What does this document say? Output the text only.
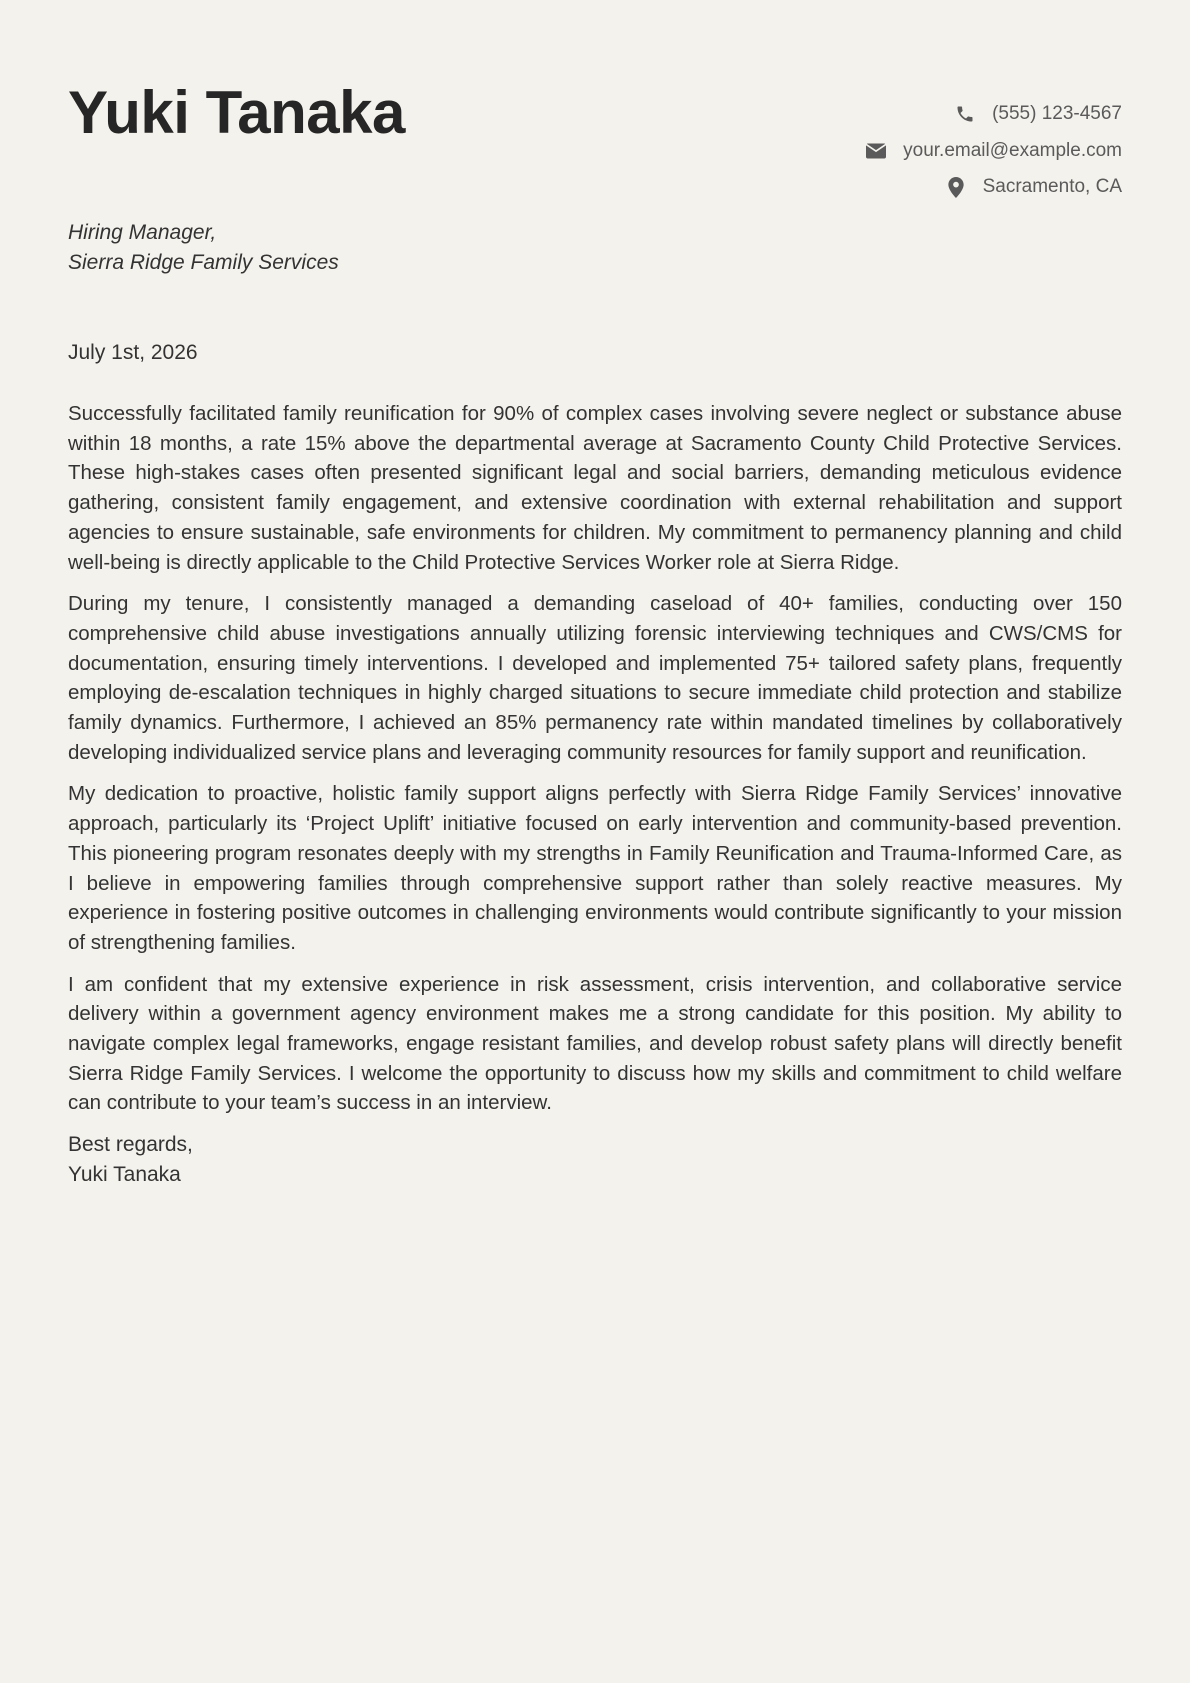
Yuki Tanaka	(555) 123-4567
your.email@example.com
Sacramento, CA
Hiring Manager,
Sierra Ridge Family Services
July 1st, 2026

Successfully facilitated family reunification for 90% of complex cases involving severe neglect or substance abuse within 18 months, a rate 15% above the departmental average at Sacramento County Child Protective Services. These high-stakes cases often presented significant legal and social barriers, demanding meticulous evidence gathering, consistent family engagement, and extensive coordination with external rehabilitation and support agencies to ensure sustainable, safe environments for children. My commitment to permanency planning and child well-being is directly applicable to the Child Protective Services Worker role at Sierra Ridge.

During my tenure, I consistently managed a demanding caseload of 40+ families, conducting over 150 comprehensive child abuse investigations annually utilizing forensic interviewing techniques and CWS/CMS for documentation, ensuring timely interventions. I developed and implemented 75+ tailored safety plans, frequently employing de-escalation techniques in highly charged situations to secure immediate child protection and stabilize family dynamics. Furthermore, I achieved an 85% permanency rate within mandated timelines by collaboratively developing individualized service plans and leveraging community resources for family support and reunification.

My dedication to proactive, holistic family support aligns perfectly with Sierra Ridge Family Services’ innovative approach, particularly its ‘Project Uplift’ initiative focused on early intervention and community-based prevention. This pioneering program resonates deeply with my strengths in Family Reunification and Trauma-Informed Care, as I believe in empowering families through comprehensive support rather than solely reactive measures. My experience in fostering positive outcomes in challenging environments would contribute significantly to your mission of strengthening families.

I am confident that my extensive experience in risk assessment, crisis intervention, and collaborative service delivery within a government agency environment makes me a strong candidate for this position. My ability to navigate complex legal frameworks, engage resistant families, and develop robust safety plans will directly benefit Sierra Ridge Family Services. I welcome the opportunity to discuss how my skills and commitment to child welfare can contribute to your team’s success in an interview.

Best regards,
Yuki Tanaka
